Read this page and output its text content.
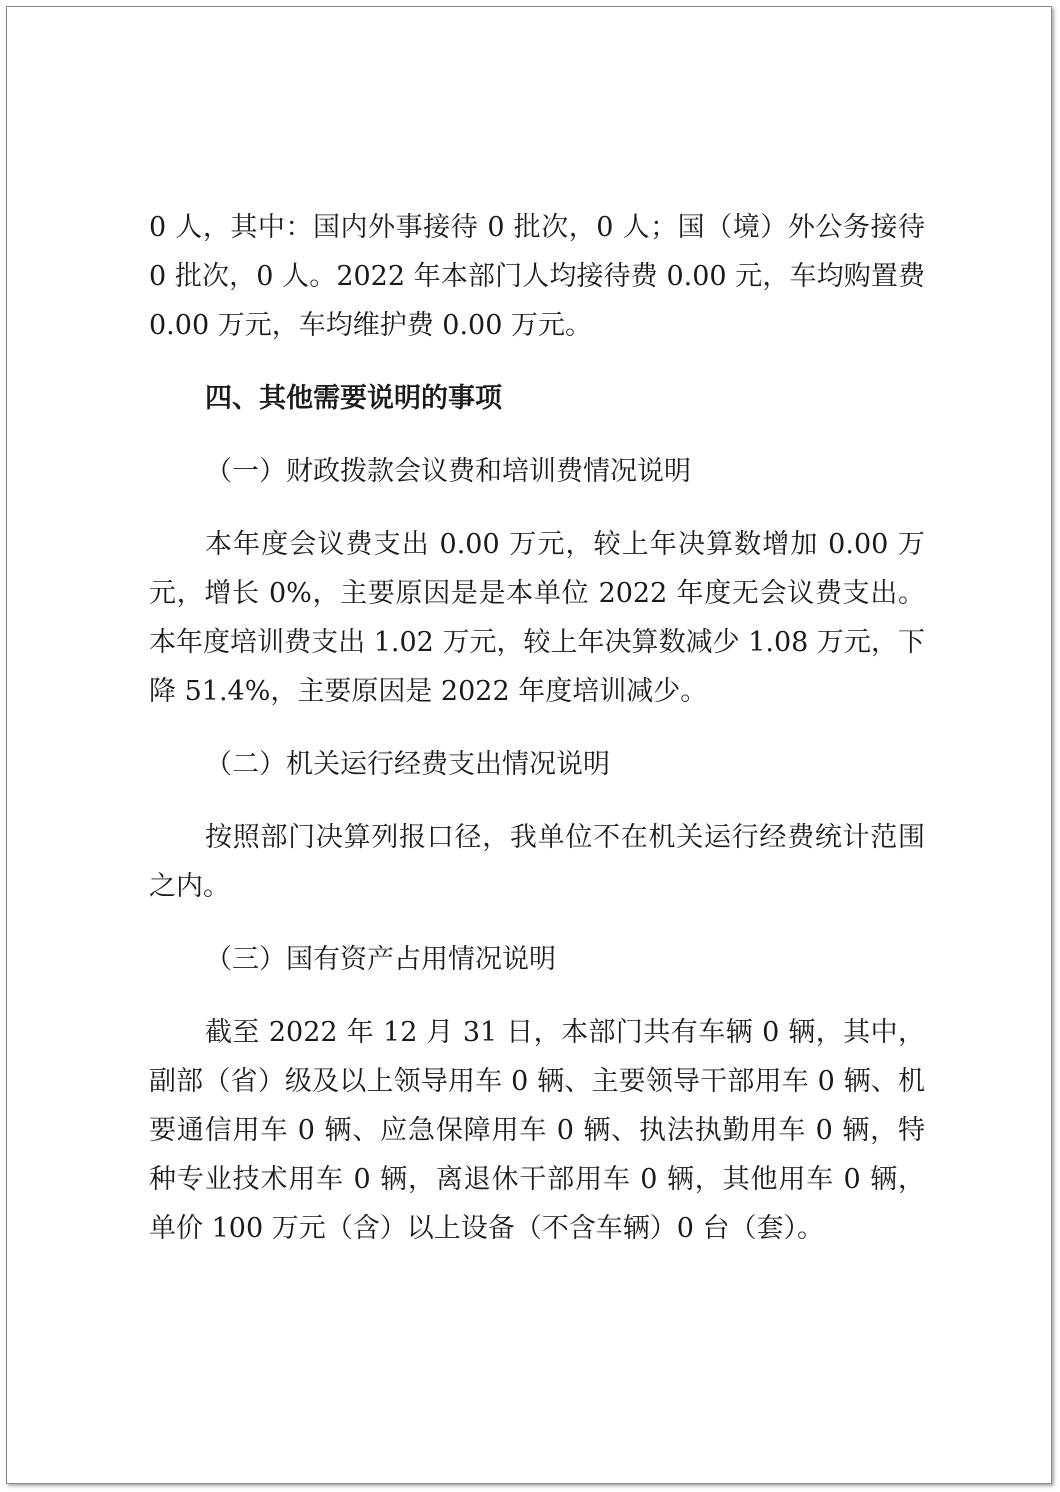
0 人，其中：国内外事接待 0 批次，0 人；国（境）外公务接待 0 批次，0 人。2022 年本部门人均接待费 0.00 元，车均购置费 0.00 万元，车均维护费 0.00 万元。

四、其他需要说明的事项

（一）财政拨款会议费和培训费情况说明

本年度会议费支出 0.00 万元，较上年决算数增加 0.00 万元，增长 0%，主要原因是是本单位 2022 年度无会议费支出。本年度培训费支出 1.02 万元，较上年决算数减少 1.08 万元，下降 51.4%，主要原因是 2022 年度培训减少。

（二）机关运行经费支出情况说明

按照部门决算列报口径，我单位不在机关运行经费统计范围之内。

（三）国有资产占用情况说明

截至 2022 年 12 月 31 日，本部门共有车辆 0 辆，其中，副部（省）级及以上领导用车 0 辆、主要领导干部用车 0 辆、机要通信用车 0 辆、应急保障用车 0 辆、执法执勤用车 0 辆，特种专业技术用车 0 辆，离退休干部用车 0 辆，其他用车 0 辆，单价 100 万元（含）以上设备（不含车辆）0 台（套）。
